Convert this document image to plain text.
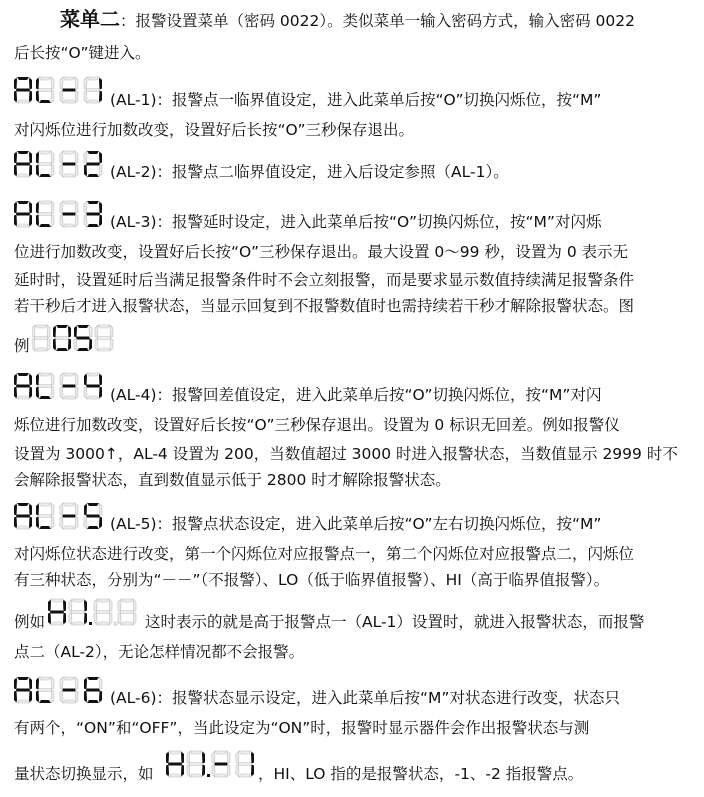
菜单二：报警设置菜单（密码 0022）。类似菜单一输入密码方式，输入密码 0022
后长按“O”键进入。
(AL-1)：报警点一临界值设定，进入此菜单后按“O”切换闪烁位，按“M”
对闪烁位进行加数改变，设置好后长按“O”三秒保存退出。
(AL-2)：报警点二临界值设定，进入后设定参照（AL-1）。
(AL-3)：报警延时设定，进入此菜单后按“O”切换闪烁位，按“M”对闪烁
位进行加数改变，设置好后长按“O”三秒保存退出。最大设置 0～99 秒，设置为 0 表示无
延时时，设置延时后当满足报警条件时不会立刻报警，而是要求显示数值持续满足报警条件
若干秒后才进入报警状态，当显示回复到不报警数值时也需持续若干秒才解除报警状态。图
例
(AL-4)：报警回差值设定，进入此菜单后按“O”切换闪烁位，按“M”对闪
烁位进行加数改变，设置好后长按“O”三秒保存退出。设置为 0 标识无回差。例如报警仪
设置为 3000↑，AL-4 设置为 200，当数值超过 3000 时进入报警状态，当数值显示 2999 时不
会解除报警状态，直到数值显示低于 2800 时才解除报警状态。
(AL-5)：报警点状态设定，进入此菜单后按“O”左右切换闪烁位，按“M”
对闪烁位状态进行改变，第一个闪烁位对应报警点一，第二个闪烁位对应报警点二，闪烁位
有三种状态，分别为“－－”（不报警）、LO（低于临界值报警）、HI（高于临界值报警）。
例如	这时表示的就是高于报警点一（AL-1）设置时，就进入报警状态，而报警
点二（AL-2），无论怎样情况都不会报警。
(AL-6)：报警状态显示设定，进入此菜单后按“M”对状态进行改变，状态只
有两个，“ON”和“OFF”，当此设定为“ON”时，报警时显示器件会作出报警状态与测
量状态切换显示，如	，HI、LO 指的是报警状态，-1、-2 指报警点。
